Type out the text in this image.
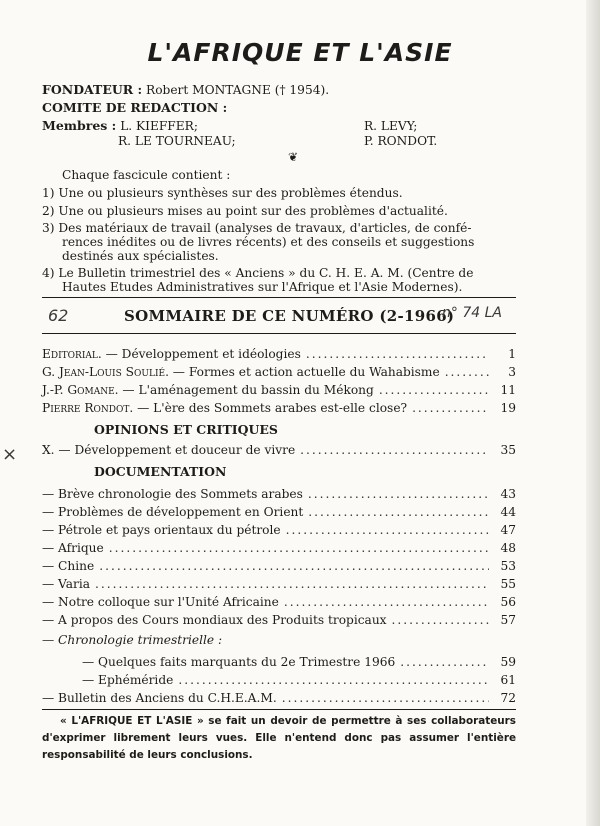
L'AFRIQUE ET L'ASIE
FONDATEUR : Robert MONTAGNE († 1954).
COMITE DE REDACTION :
Membres : L. KIEFFER;
R. LE TOURNEAU;
R. LEVY;
P. RONDOT.
❦
Chaque fascicule contient :
1) Une ou plusieurs synthèses sur des problèmes étendus.
2) Une ou plusieurs mises au point sur des problèmes d'actualité.
3) Des matériaux de travail (analyses de travaux, d'articles, de confé-
rences inédites ou de livres récents) et des conseils et suggestions
destinés aux spécialistes.
4) Le Bulletin trimestriel des « Anciens » du C. H. E. A. M. (Centre de
Hautes Etudes Administratives sur l'Afrique et l'Asie Modernes).
62	SOMMAIRE DE CE NUMÉRO (2-1966)
n° 74 LA
×
Editorial. — Développement et idéologies .....	1
G. Jean-Louis Soulié. — Formes et action actuelle du Wahabisme .....	3
J.-P. Gomane. — L'aménagement du bassin du Mékong .....	11
Pierre Rondot. — L'ère des Sommets arabes est-elle close? .....	19
OPINIONS ET CRITIQUES
X. — Développement et douceur de vivre .....	35
DOCUMENTATION
— Brève chronologie des Sommets arabes .....	43
— Problèmes de développement en Orient .....	44
— Pétrole et pays orientaux du pétrole .....	47
— Afrique .....	48
— Chine .....	53
— Varia .....	55
— Notre colloque sur l'Unité Africaine .....	56
— A propos des Cours mondiaux des Produits tropicaux .....	57
— Chronologie trimestrielle :
— Quelques faits marquants du 2e Trimestre 1966 .....	59
— Ephéméride .....	61
— Bulletin des Anciens du C.H.E.A.M. .....	72
« L'AFRIQUE ET L'ASIE » se fait un devoir de permettre à ses collaborateurs d'exprimer librement leurs vues. Elle n'entend donc pas assumer l'entière responsabilité de leurs conclusions.
